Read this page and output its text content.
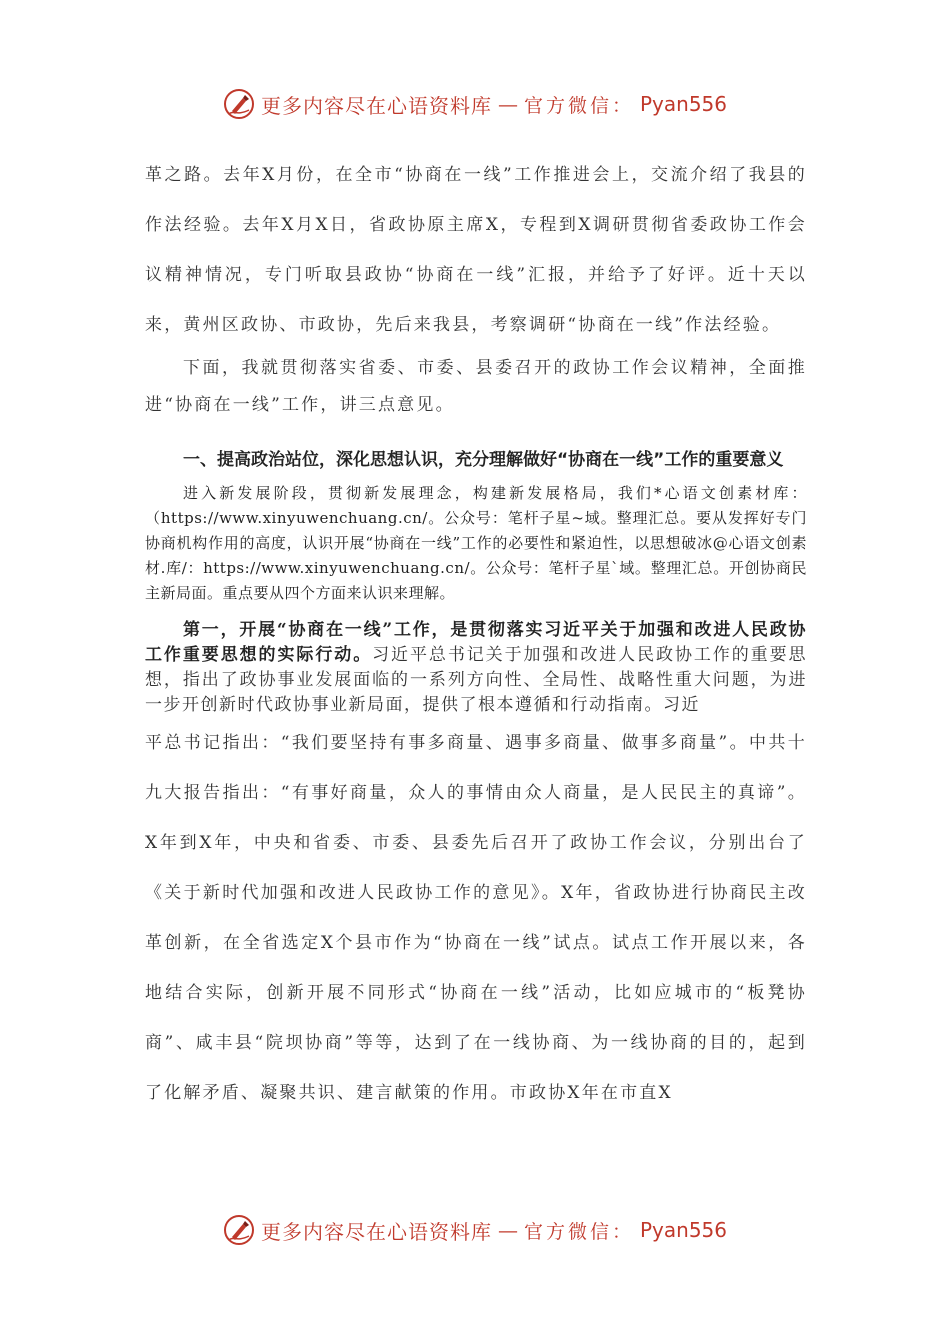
更多内容尽在心语资料库 — 官方微信： Pyan556

革之路。去年X月份，在全市“协商在一线”工作推进会上，交流介绍了我县的作法经验。去年X月X日，省政协原主席X，专程到X调研贯彻省委政协工作会议精神情况，专门听取县政协“协商在一线”汇报，并给予了好评。近十天以来，黄州区政协、市政协，先后来我县，考察调研“协商在一线”作法经验。

下面，我就贯彻落实省委、市委、县委召开的政协工作会议精神，全面推进“协商在一线”工作，讲三点意见。

一、提高政治站位，深化思想认识，充分理解做好“协商在一线”工作的重要意义

进入新发展阶段，贯彻新发展理念，构建新发展格局，我们*心语文创素材库：（https://www.xinyuwenchuang.cn/。公众号：笔杆子星~域。整理汇总。要从发挥好专门协商机构作用的高度，认识开展“协商在一线”工作的必要性和紧迫性，以思想破冰@心语文创素材.库/：https://www.xinyuwenchuang.cn/。公众号：笔杆子星`域。整理汇总。开创协商民主新局面。重点要从四个方面来认识来理解。

第一，开展“协商在一线”工作，是贯彻落实习近平关于加强和改进人民政协工作重要思想的实际行动。习近平总书记关于加强和改进人民政协工作的重要思想，指出了政协事业发展面临的一系列方向性、全局性、战略性重大问题，为进一步开创新时代政协事业新局面，提供了根本遵循和行动指南。习近

平总书记指出：“我们要坚持有事多商量、遇事多商量、做事多商量”。中共十九大报告指出：“有事好商量，众人的事情由众人商量，是人民民主的真谛”。X年到X年，中央和省委、市委、县委先后召开了政协工作会议，分别出台了《关于新时代加强和改进人民政协工作的意见》。X年，省政协进行协商民主改革创新，在全省选定X个县市作为“协商在一线”试点。试点工作开展以来，各地结合实际，创新开展不同形式“协商在一线”活动，比如应城市的“板凳协商”、咸丰县“院坝协商”等等，达到了在一线协商、为一线协商的目的，起到了化解矛盾、凝聚共识、建言献策的作用。市政协X年在市直X

更多内容尽在心语资料库 — 官方微信： Pyan556
